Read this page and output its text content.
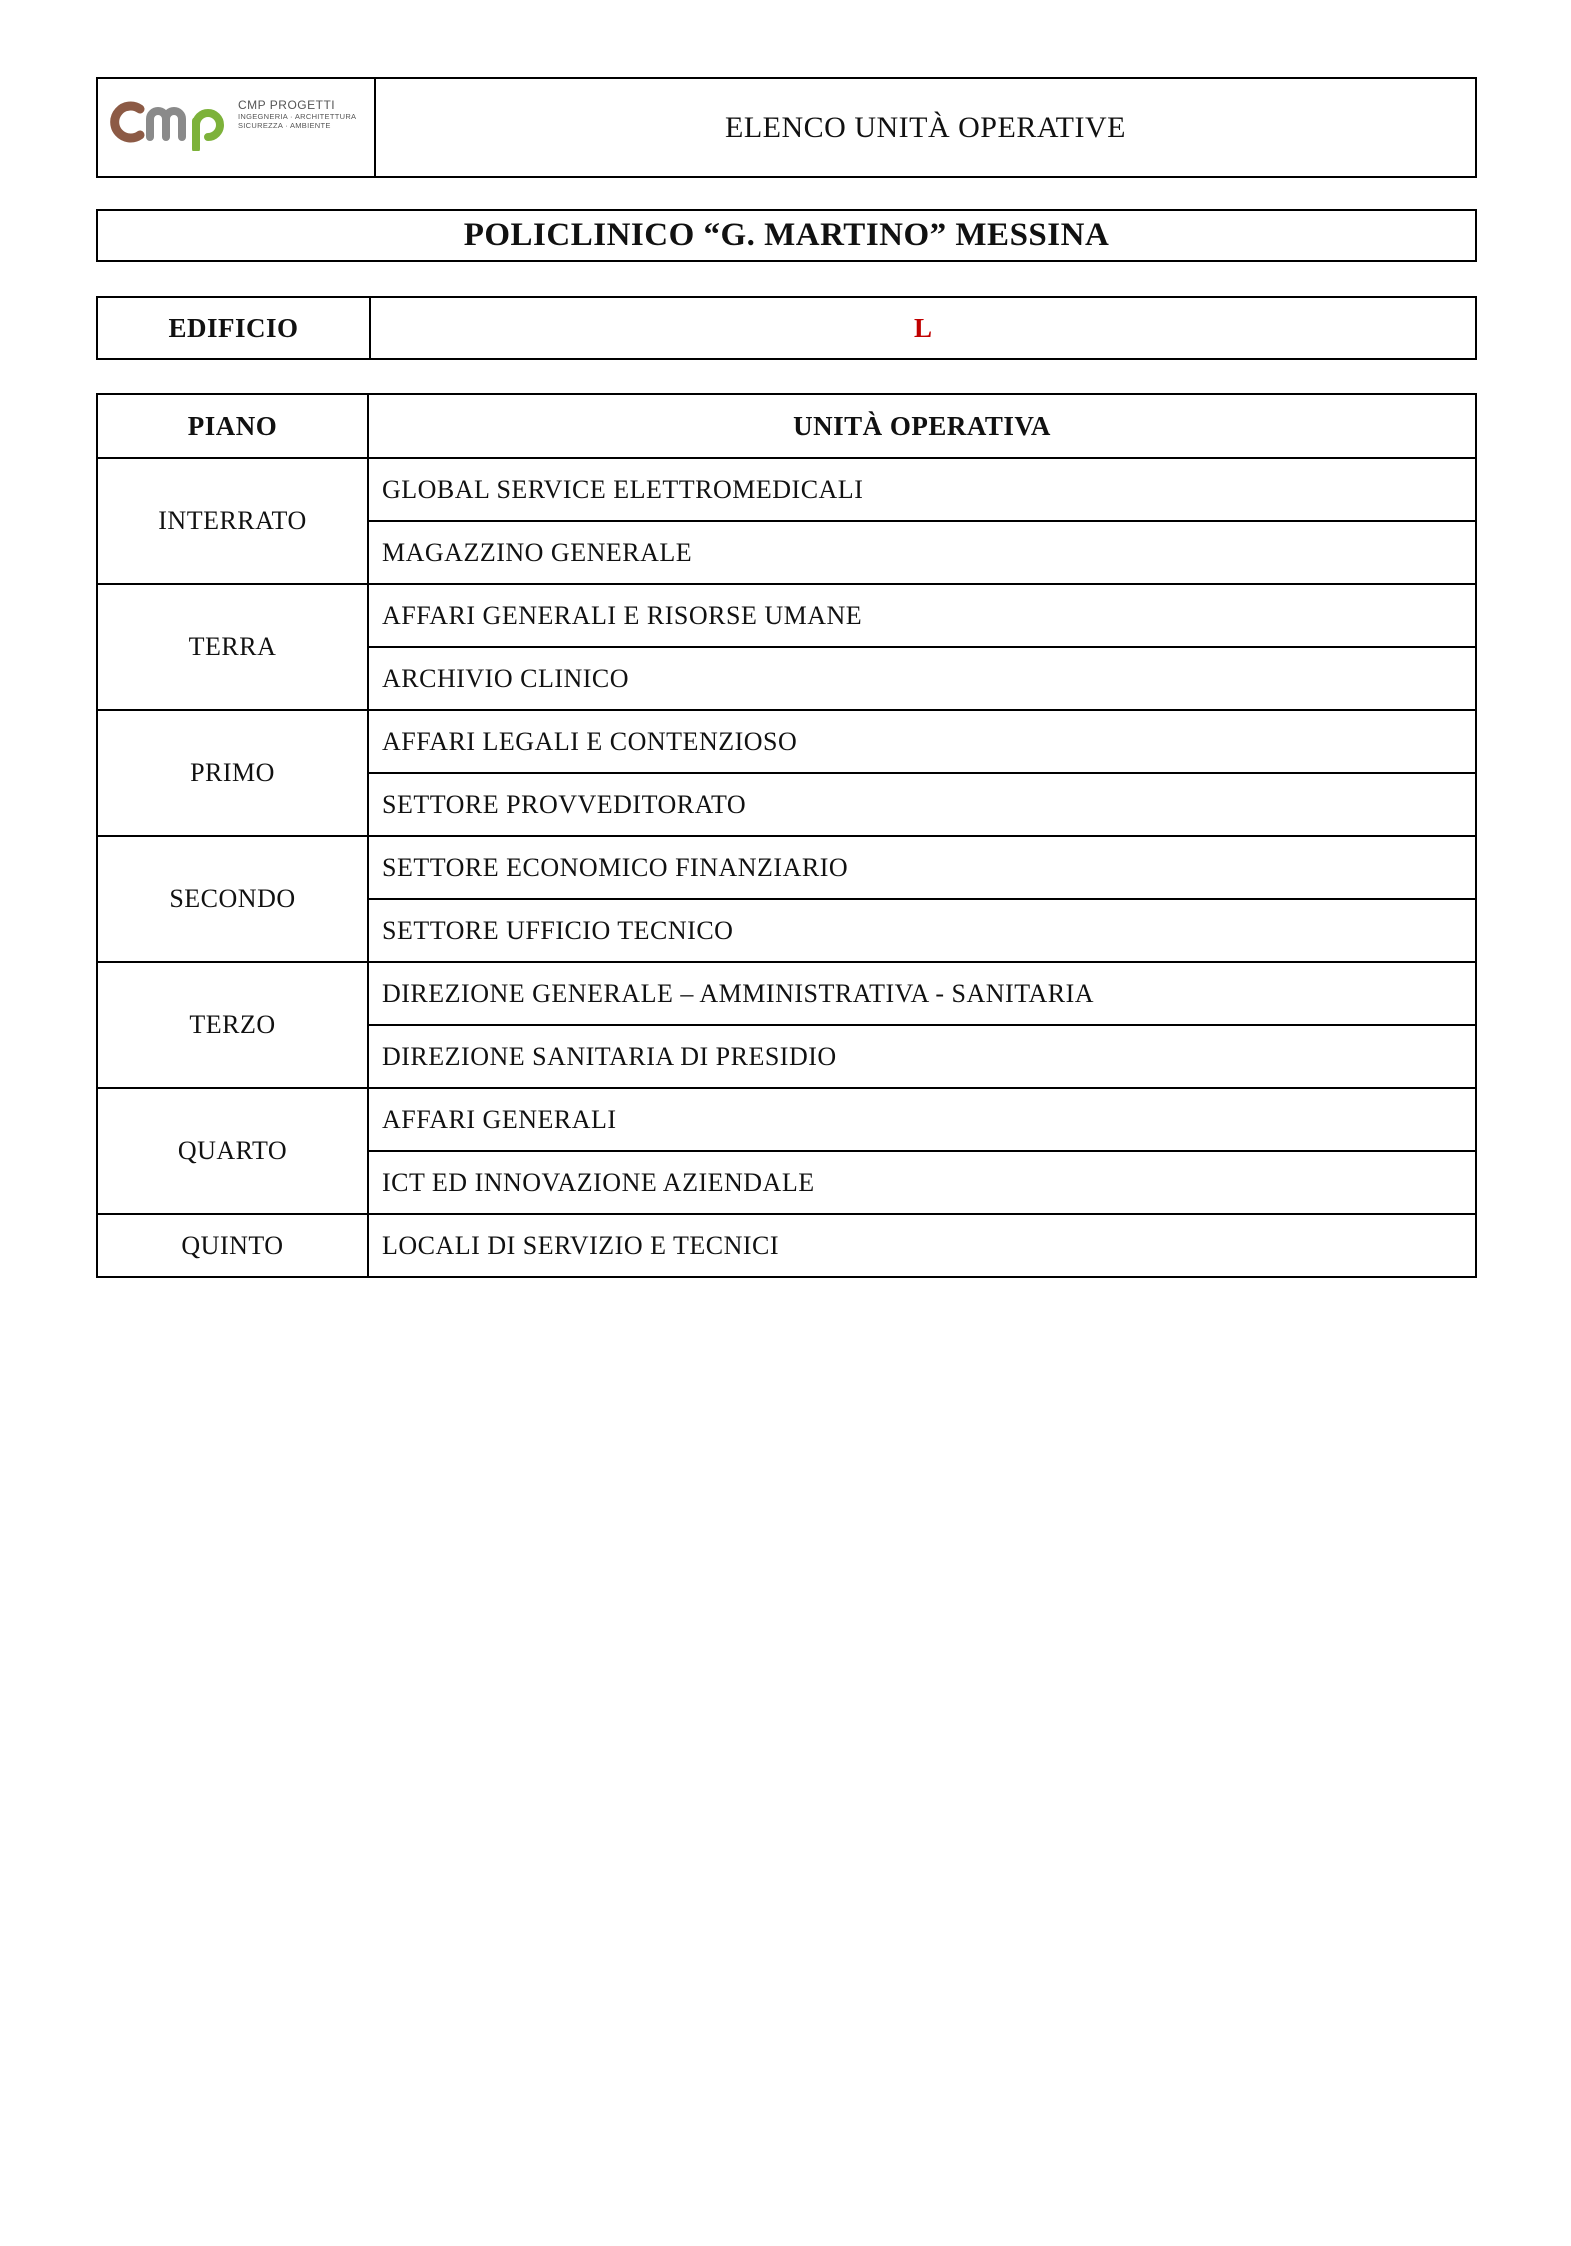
CMP PROGETTI
INGEGNERIA · ARCHITETTURA
SICUREZZA · AMBIENTE	ELENCO UNITÀ OPERATIVE
POLICLINICO “G. MARTINO” MESSINA
EDIFICIO	L
PIANO	UNITÀ OPERATIVA
INTERRATO	GLOBAL SERVICE ELETTROMEDICALI
	MAGAZZINO GENERALE
TERRA	AFFARI GENERALI E RISORSE UMANE
	ARCHIVIO CLINICO
PRIMO	AFFARI LEGALI E CONTENZIOSO
	SETTORE PROVVEDITORATO
SECONDO	SETTORE ECONOMICO FINANZIARIO
	SETTORE UFFICIO TECNICO
TERZO	DIREZIONE GENERALE – AMMINISTRATIVA - SANITARIA
	DIREZIONE SANITARIA DI PRESIDIO
QUARTO	AFFARI GENERALI
	ICT ED INNOVAZIONE AZIENDALE
QUINTO	LOCALI DI SERVIZIO E TECNICI
